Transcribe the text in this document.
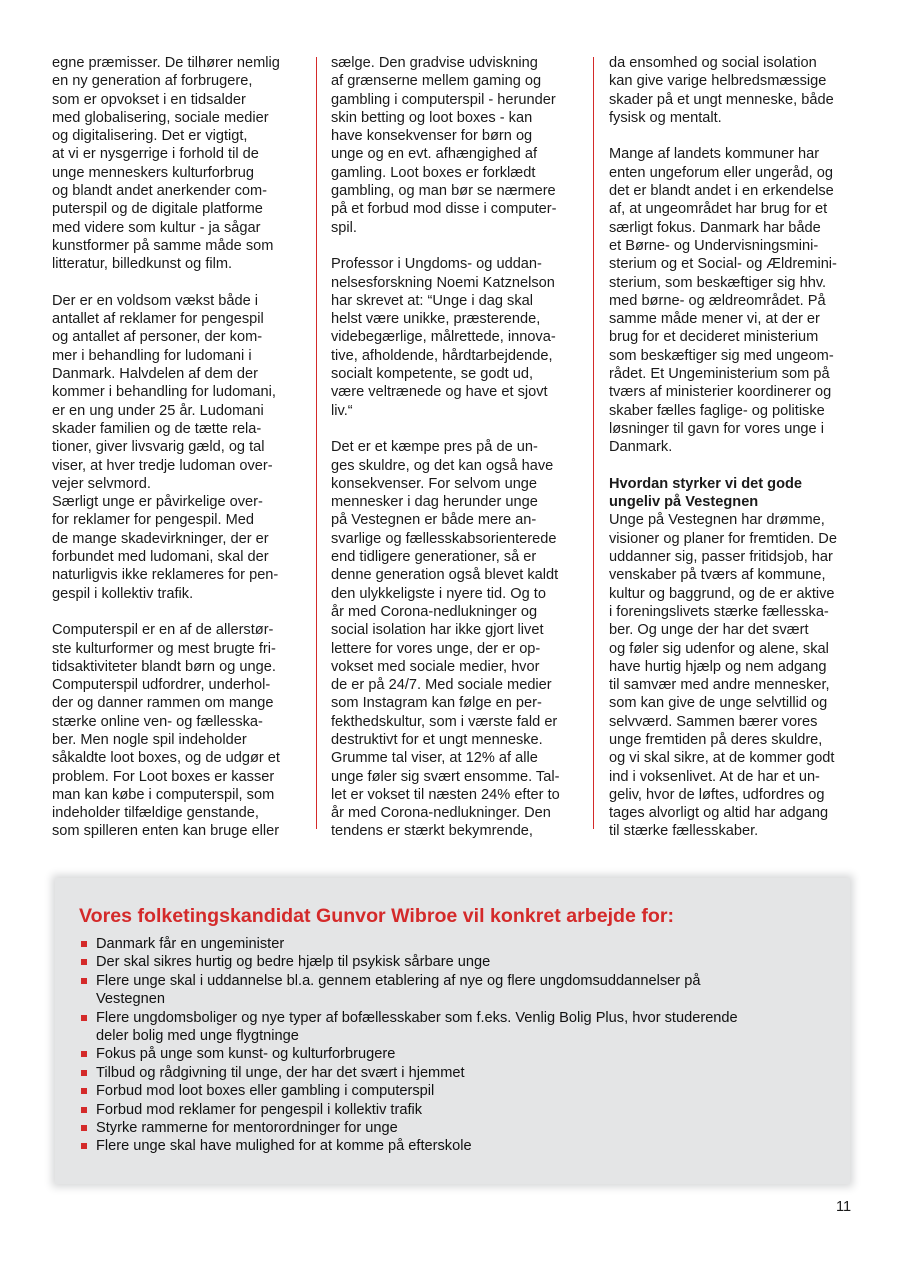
egne præmisser. De tilhører nemlig

en ny generation af forbrugere,

som er opvokset i en tidsalder

med globalisering, sociale medier

og digitalisering. Det er vigtigt,

at vi er nysgerrige i forhold til de

unge menneskers kulturforbrug

og blandt andet anerkender com-

puterspil og de digitale platforme

med videre som kultur - ja sågar

kunstformer på samme måde som

litteratur, billedkunst og film.

Der er en voldsom vækst både i

antallet af reklamer for pengespil

og antallet af personer, der kom-

mer i behandling for ludomani i

Danmark. Halvdelen af dem der

kommer i behandling for ludomani,

er en ung under 25 år. Ludomani

skader familien og de tætte rela-

tioner, giver livsvarig gæld, og tal

viser, at hver tredje ludoman over-

vejer selvmord.

Særligt unge er påvirkelige over-

for reklamer for pengespil. Med

de mange skadevirkninger, der er

forbundet med ludomani, skal der

naturligvis ikke reklameres for pen-

gespil i kollektiv trafik.

Computerspil er en af de allerstør-

ste kulturformer og mest brugte fri-

tidsaktiviteter blandt børn og unge.

Computerspil udfordrer, underhol-

der og danner rammen om mange

stærke online ven- og fællesska-

ber. Men nogle spil indeholder

såkaldte loot boxes, og de udgør et

problem. For Loot boxes er kasser

man kan købe i computerspil, som

indeholder tilfældige genstande,

som spilleren enten kan bruge eller

sælge. Den gradvise udviskning

af grænserne mellem gaming og

gambling i computerspil - herunder

skin betting og loot boxes - kan

have konsekvenser for børn og

unge og en evt. afhængighed af

gamling. Loot boxes er forklædt

gambling, og man bør se nærmere

på et forbud mod disse i computer-

spil.

Professor i Ungdoms- og uddan-

nelsesforskning Noemi Katznelson

har skrevet at: “Unge i dag skal

helst være unikke, præsterende,

videbegærlige, målrettede, innova-

tive, afholdende, hårdtarbejdende,

socialt kompetente, se godt ud,

være veltrænede og have et sjovt

liv.“

Det er et kæmpe pres på de un-

ges skuldre, og det kan også have

konsekvenser. For selvom unge

mennesker i dag herunder unge

på Vestegnen er både mere an-

svarlige og fællesskabsorienterede

end tidligere generationer, så er

denne generation også blevet kaldt

den ulykkeligste i nyere tid. Og to

år med Corona-nedlukninger og

social isolation har ikke gjort livet

lettere for vores unge, der er op-

vokset med sociale medier, hvor

de er på 24/7. Med sociale medier

som Instagram kan følge en per-

fekthedskultur, som i værste fald er

destruktivt for et ungt menneske.

Grumme tal viser, at 12% af alle

unge føler sig svært ensomme. Tal-

let er vokset til næsten 24% efter to

år med Corona-nedlukninger. Den

tendens er stærkt bekymrende,

da ensomhed og social isolation

kan give varige helbredsmæssige

skader på et ungt menneske, både

fysisk og mentalt.

Mange af landets kommuner har

enten ungeforum eller ungeråd, og

det er blandt andet i en erkendelse

af, at ungeområdet har brug for et

særligt fokus. Danmark har både

et Børne- og Undervisningsmini-

sterium og et Social- og Ældremini-

sterium, som beskæftiger sig hhv.

med børne- og ældreområdet. På

samme måde mener vi, at der er

brug for et decideret ministerium

som beskæftiger sig med ungeom-

rådet. Et Ungeministerium som på

tværs af ministerier koordinerer og

skaber fælles faglige- og politiske

løsninger til gavn for vores unge i

Danmark.

Hvordan styrker vi det gode

ungeliv på Vestegnen

Unge på Vestegnen har drømme,

visioner og planer for fremtiden. De

uddanner sig, passer fritidsjob, har

venskaber på tværs af kommune,

kultur og baggrund, og de er aktive

i foreningslivets stærke fællesska-

ber. Og unge der har det svært

og føler sig udenfor og alene, skal

have hurtig hjælp og nem adgang

til samvær med andre mennesker,

som kan give de unge selvtillid og

selvværd. Sammen bærer vores

unge fremtiden på deres skuldre,

og vi skal sikre, at de kommer godt

ind i voksenlivet. At de har et un-

geliv, hvor de løftes, udfordres og

tages alvorligt og altid har adgang

til stærke fællesskaber.

Vores folketingskandidat Gunvor Wibroe vil konkret arbejde for:
Danmark får en ungeminister
Der skal sikres hurtig og bedre hjælp til psykisk sårbare unge
Flere unge skal i uddannelse bl.a. gennem etablering af nye og flere ungdomsuddannelser på
Vestegnen
Flere ungdomsboliger og nye typer af bofællesskaber som f.eks. Venlig Bolig Plus, hvor studerende
deler bolig med unge flygtninge
Fokus på unge som kunst- og kulturforbrugere
Tilbud og rådgivning til unge, der har det svært i hjemmet
Forbud mod loot boxes eller gambling i computerspil
Forbud mod reklamer for pengespil i kollektiv trafik
Styrke rammerne for mentorordninger for unge
Flere unge skal have mulighed for at komme på efterskole
11
